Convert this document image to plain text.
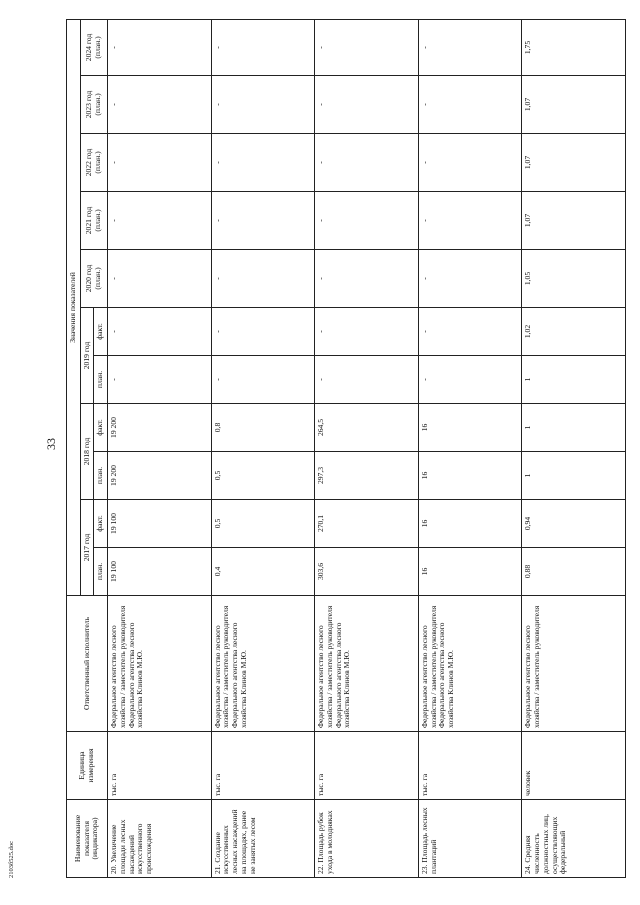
33
2103б525.doc	Наименование показателя (индикатора)	Единица измерения	Ответственный исполнитель	Значения показателей										
			2017 год		2018 год		2019 год		2020 год (план.)	2021 год (план.)	2022 год (план.)	2023 год (план.)	2024 год (план.)
			план.	факт.	план.	факт.	план.	факт.					
20. Увеличение площади лесных насаждений искусственного происхождения	тыс. га	Федеральное агентство лесного хозяйства / заместитель руководителя Федерального агентства лесного хозяйства Клинов М.Ю.	19 100	19 100	19 200	19 200	-	-	-	-	-	-	-
21. Создание искусственных лесных насаждений на площадях, ранее не занятых лесом	тыс. га	Федеральное агентство лесного хозяйства / заместитель руководителя Федерального агентства лесного хозяйства Клинов М.Ю.	0,4	0,5	0,5	0,8	-	-	-	-	-	-	-
22. Площадь рубок ухода в молодняках	тыс. га	Федеральное агентство лесного хозяйства / заместитель руководителя Федерального агентства лесного хозяйства Клинов М.Ю.	303,6	270,1	297,3	264,5	-	-	-	-	-	-	-
23. Площадь лесных плантаций	тыс. га	Федеральное агентство лесного хозяйства / заместитель руководителя Федерального агентства лесного хозяйства Клинов М.Ю.	16	16	16	16	-	-	-	-	-	-	-
24. Средняя численность должностных лиц, осуществляющих федеральный	человек	Федеральное агентство лесного хозяйства / заместитель руководителя	0,88	0,94	1	1	1	1,02	1,05	1,07	1,07	1,07	1,75
